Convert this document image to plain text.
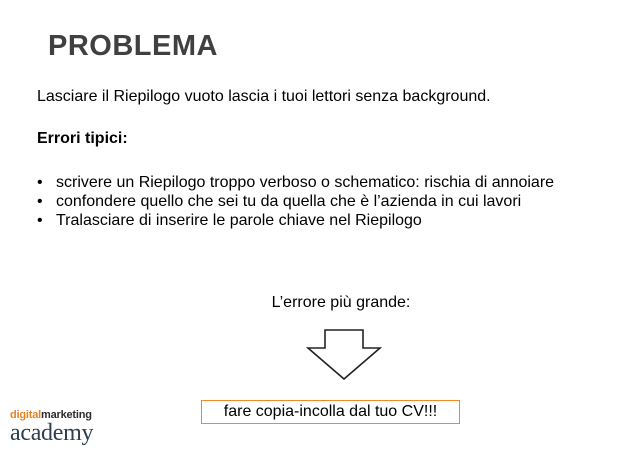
PROBLEMA
Lasciare il Riepilogo vuoto lascia i tuoi lettori senza background.
Errori tipici:
• scrivere un Riepilogo troppo verboso o schematico: rischia di annoiare
• confondere quello che sei tu da quella che è l’azienda in cui lavori
• Tralasciare di inserire le parole chiave nel Riepilogo
L’errore più grande:
fare copia-incolla dal tuo CV!!!
digitalmarketing
academy
